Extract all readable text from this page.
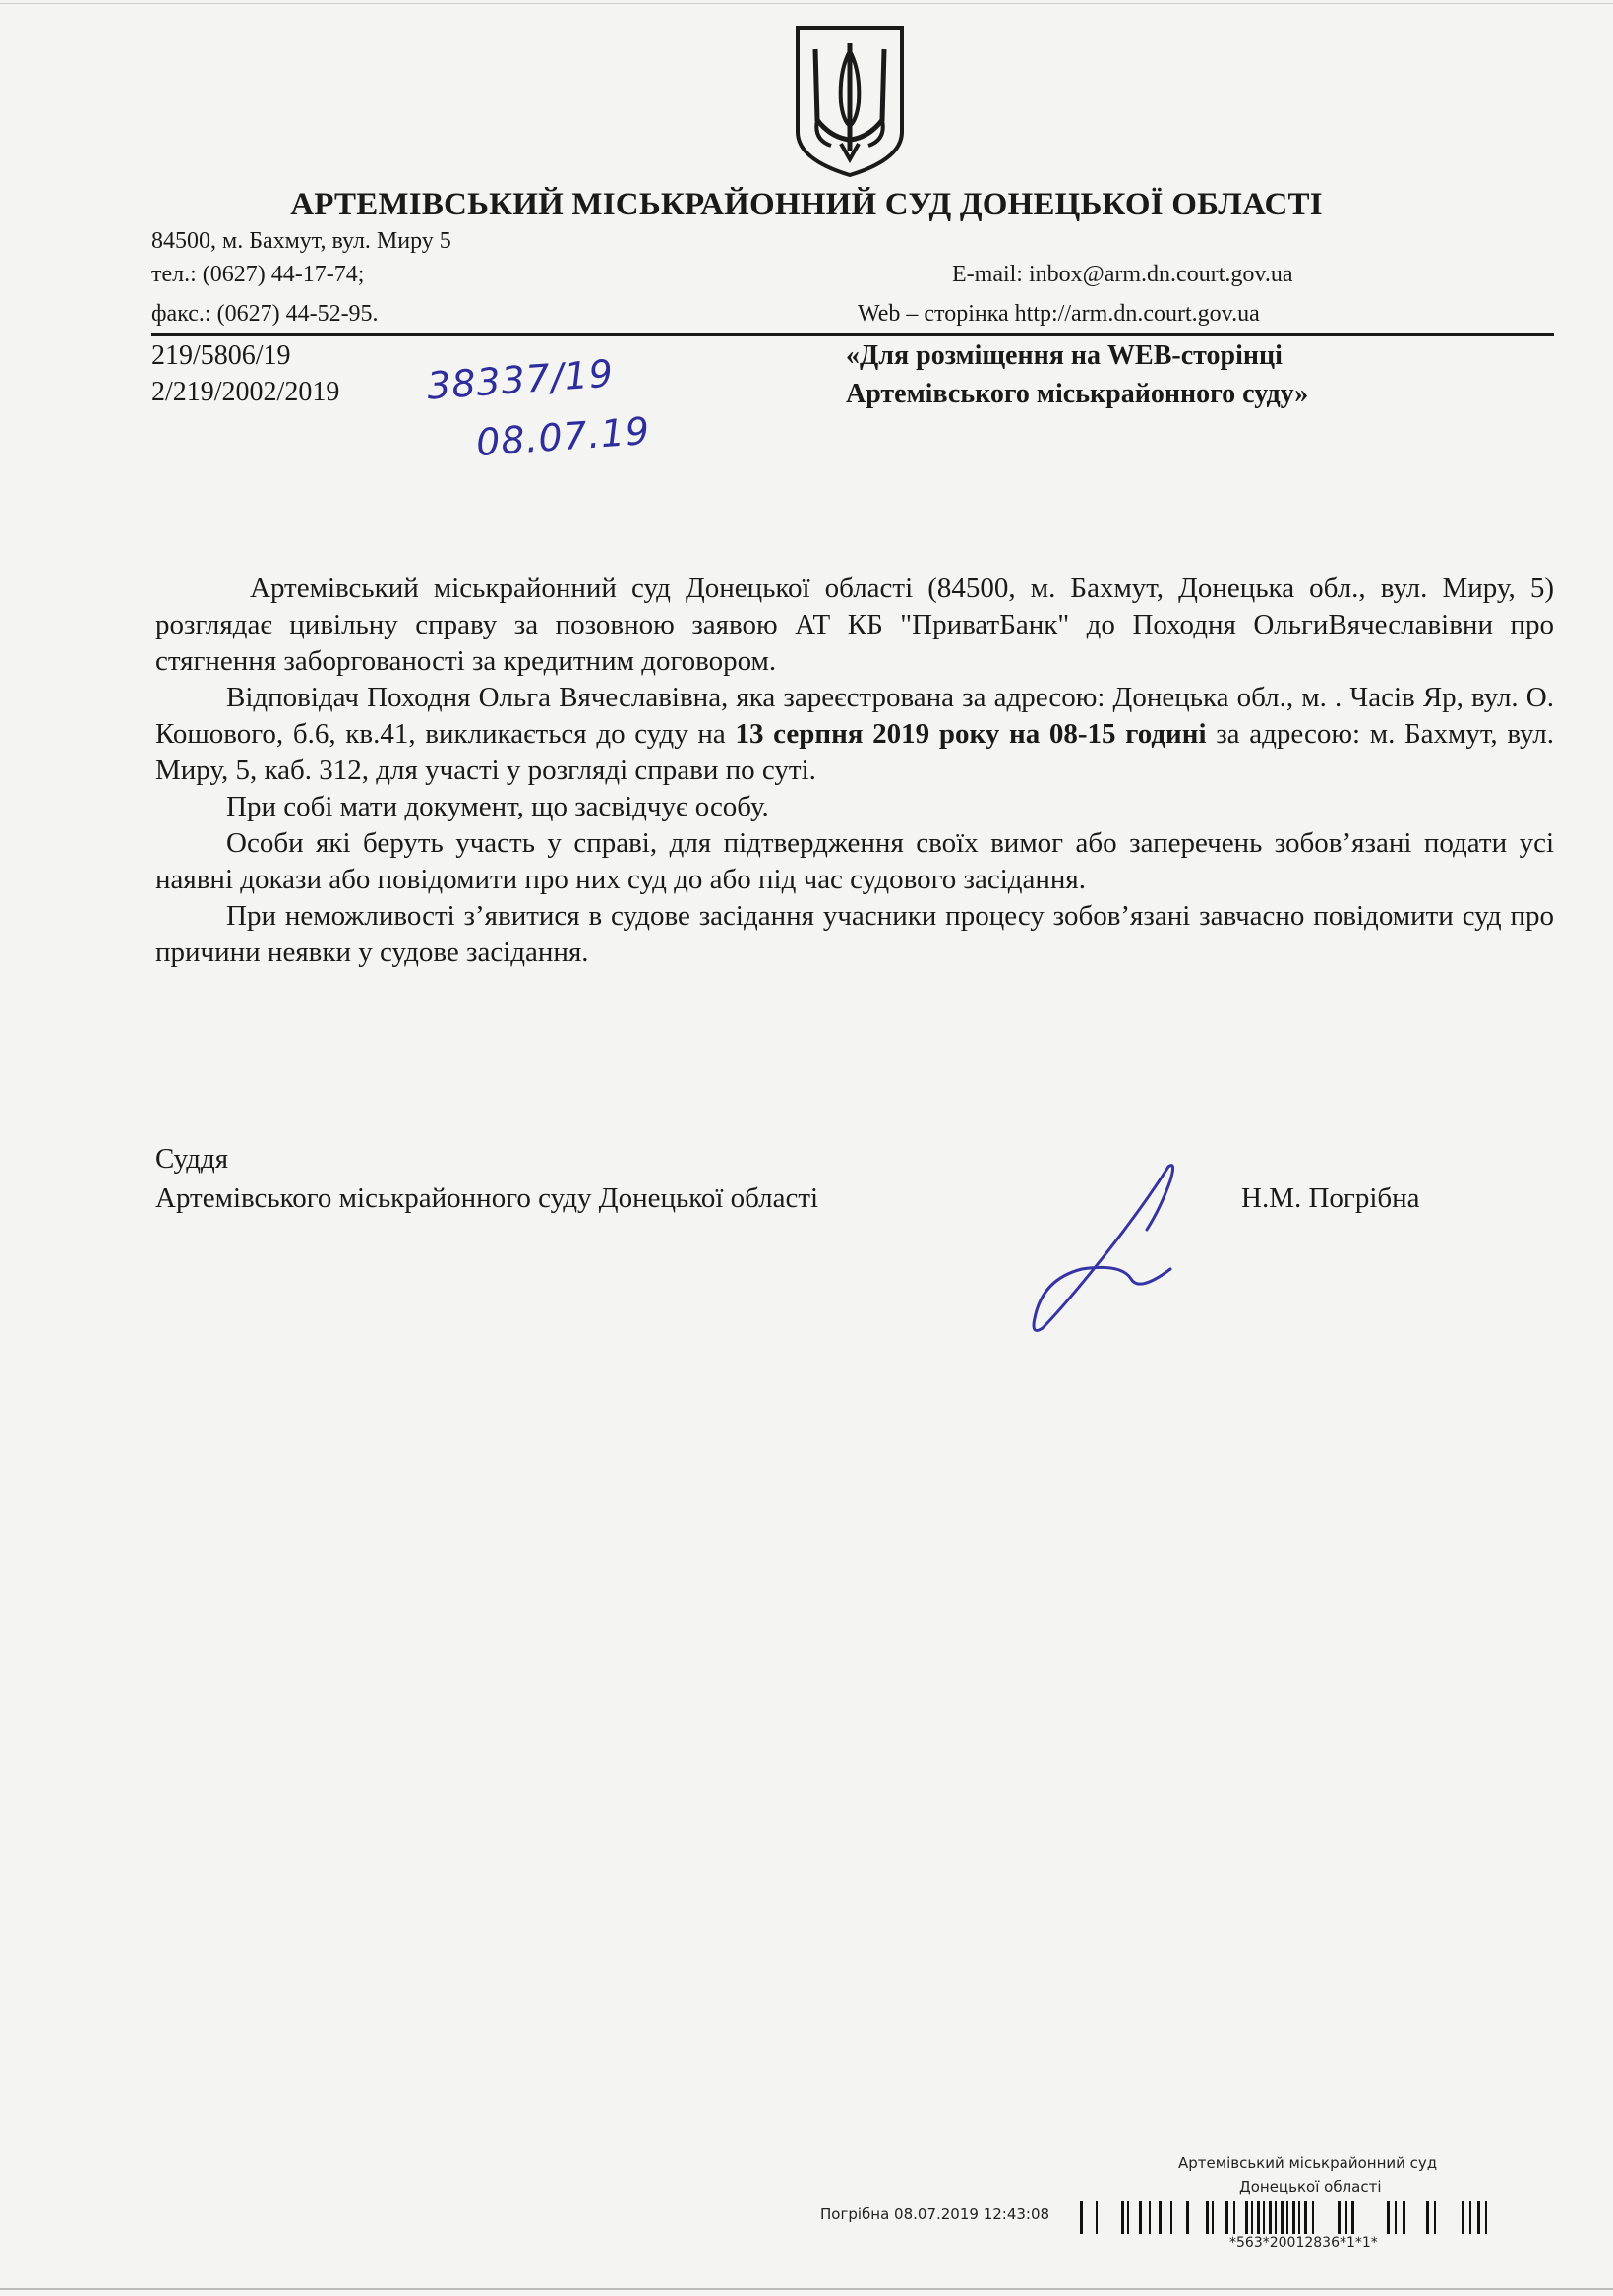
АРТЕМІВСЬКИЙ МІСЬКРАЙОННИЙ СУД ДОНЕЦЬКОЇ ОБЛАСТІ
84500, м. Бахмут, вул. Миру 5
тел.: (0627) 44-17-74;
факс.: (0627) 44-52-95.
E-mail: inbox@arm.dn.court.gov.ua
Web – сторінка http://arm.dn.court.gov.ua
219/5806/19
2/219/2002/2019 38337/19
08.07.19
«Для розміщення на WEB-сторінці
Артемівського міськрайонного суду»

Артемівський міськрайонний суд Донецької області (84500, м. Бахмут, Донецька обл., вул. Миру, 5) розглядає цивільну справу за позовною заявою АТ КБ "ПриватБанк" до Походня ОльгиВячеславівни про стягнення заборгованості за кредитним договором.

Відповідач Походня Ольга Вячеславівна, яка зареєстрована за адресою: Донецька обл., м. . Часів Яр, вул. О. Кошового, б.6, кв.41, викликається до суду на 13 серпня 2019 року на 08-15 годині за адресою: м. Бахмут, вул. Миру, 5, каб. 312, для участі у розгляді справи по суті.

При собі мати документ, що засвідчує особу.

Особи які беруть участь у справі, для підтвердження своїх вимог або заперечень зобов’язані подати усі наявні докази або повідомити про них суд до або під час судового засідання.

При неможливості з’явитися в судове засідання учасники процесу зобов’язані завчасно повідомити суд про причини неявки у судове засідання.

Суддя
Артемівського міськрайонного суду Донецької області	Н.М. Погрібна
Артемівський міськрайонний суд
Донецької області
Погрібна 08.07.2019 12:43:08
*563*20012836*1*1*
